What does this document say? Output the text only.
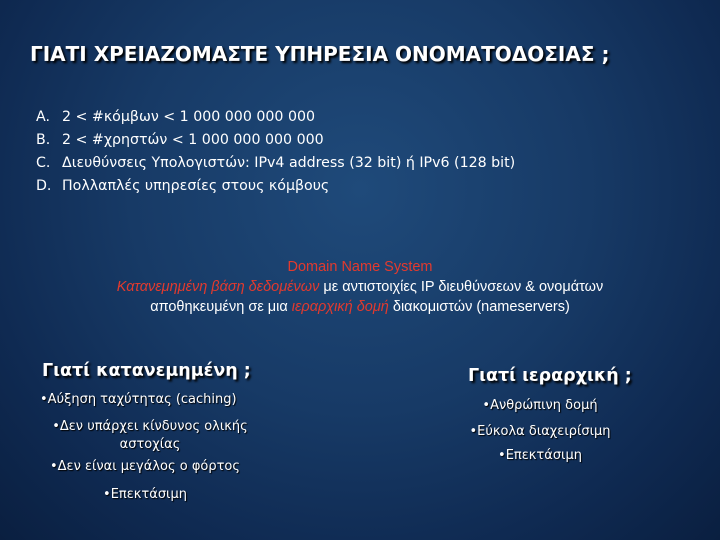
ΓΙΑΤΙ ΧΡΕΙΑΖΟΜΑΣΤΕ ΥΠΗΡΕΣΙΑ ΟΝΟΜΑΤΟΔΟΣΙΑΣ ;
A. 2 < #κόμβων < 1 000 000 000 000
B. 2 < #χρηστών < 1 000 000 000 000
C. Διευθύνσεις Υπολογιστών: IPv4 address (32 bit) ή IPv6 (128 bit)
D. Πολλαπλές υπηρεσίες στους κόμβους
Domain Name System
Κατανεμημένη βάση δεδομένων με αντιστοιχίες IP διευθύνσεων & ονομάτων
αποθηκευμένη σε μια ιεραρχική δομή διακομιστών (nameservers)
Γιατί κατανεμημένη ;
•Αύξηση ταχύτητας (caching)
•Δεν υπάρχει κίνδυνος ολικής
αστοχίας
•Δεν είναι μεγάλος ο φόρτος
•Επεκτάσιμη
Γιατί ιεραρχική ;
•Ανθρώπινη δομή
•Εύκολα διαχειρίσιμη
•Επεκτάσιμη
